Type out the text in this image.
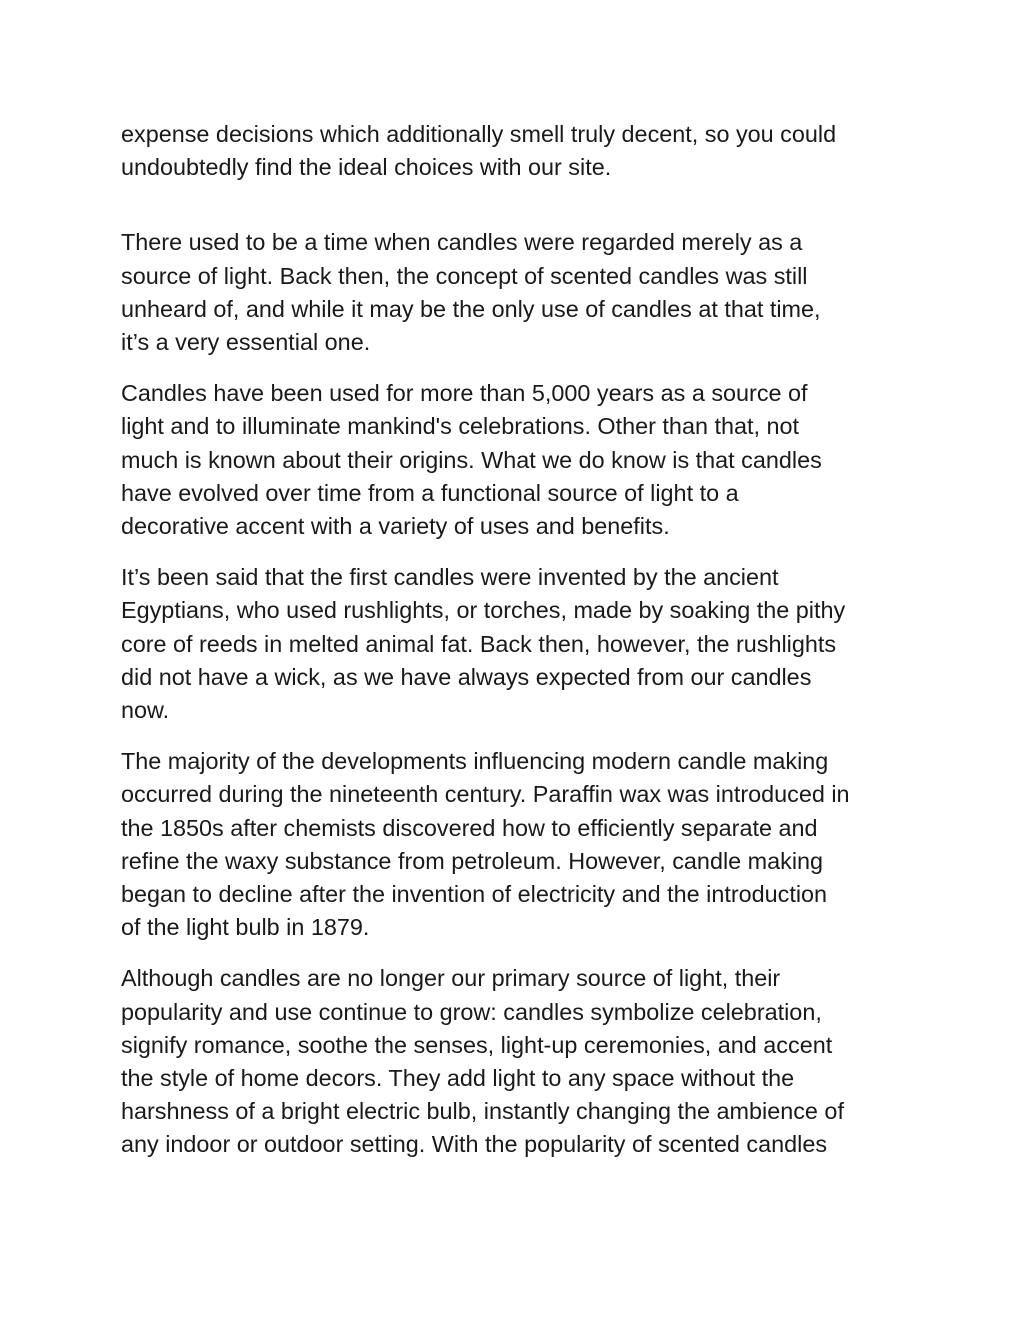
expense decisions which additionally smell truly decent, so you could
undoubtedly find the ideal choices with our site.

There used to be a time when candles were regarded merely as a
source of light. Back then, the concept of scented candles was still
unheard of, and while it may be the only use of candles at that time,
it’s a very essential one.

Candles have been used for more than 5,000 years as a source of
light and to illuminate mankind's celebrations. Other than that, not
much is known about their origins. What we do know is that candles
have evolved over time from a functional source of light to a
decorative accent with a variety of uses and benefits.

It’s been said that the first candles were invented by the ancient
Egyptians, who used rushlights, or torches, made by soaking the pithy
core of reeds in melted animal fat. Back then, however, the rushlights
did not have a wick, as we have always expected from our candles
now.

The majority of the developments influencing modern candle making
occurred during the nineteenth century. Paraffin wax was introduced in
the 1850s after chemists discovered how to efficiently separate and
refine the waxy substance from petroleum. However, candle making
began to decline after the invention of electricity and the introduction
of the light bulb in 1879.

Although candles are no longer our primary source of light, their
popularity and use continue to grow: candles symbolize celebration,
signify romance, soothe the senses, light-up ceremonies, and accent
the style of home decors. They add light to any space without the
harshness of a bright electric bulb, instantly changing the ambience of
any indoor or outdoor setting. With the popularity of scented candles
